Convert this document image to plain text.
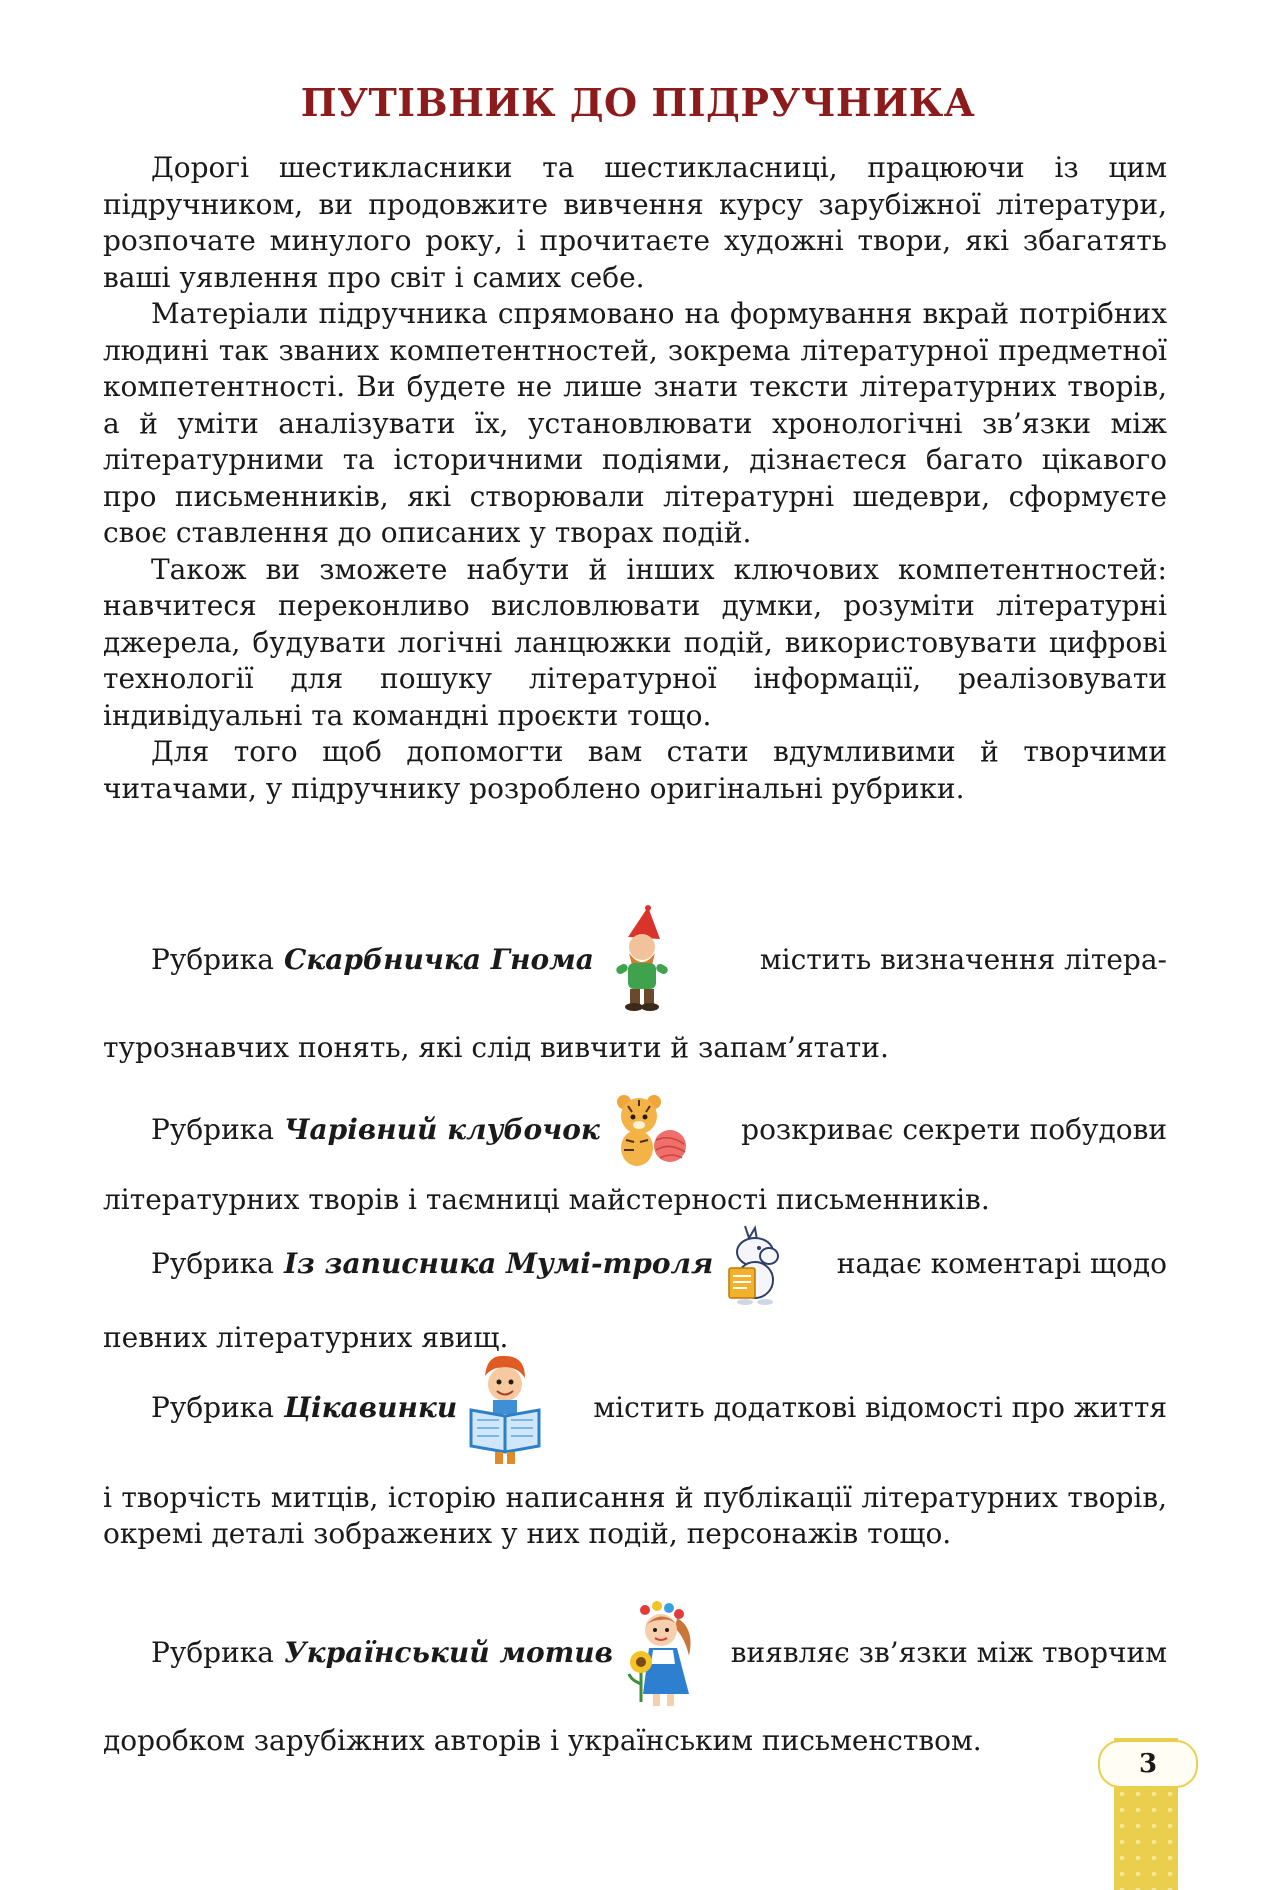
ПУТІВНИК ДО ПІДРУЧНИКА

Дорогі шестикласники та шестикласниці, працюючи із цим підручником, ви продовжите вивчення курсу зарубіжної літератури, розпочате минулого року, і прочитаєте художні твори, які збагатять ваші уявлення про світ і самих себе.

Матеріали підручника спрямовано на формування вкрай потрібних людині так званих компетентностей, зокрема літературної предметної компетентності. Ви будете не лише знати тексти літературних творів, а й уміти аналізувати їх, установлювати хронологічні зв’язки між літературними та історичними подіями, дізнаєтеся багато цікавого про письменників, які створювали літературні шедеври, сформуєте своє ставлення до описаних у творах подій.

Також ви зможете набути й інших ключових компетентностей: навчитеся переконливо висловлювати думки, розуміти літературні джерела, будувати логічні ланцюжки подій, використовувати цифрові технології для пошуку літературної інформації, реалізовувати індивідуальні та командні проєкти тощо.

Для того щоб допомогти вам стати вдумливими й творчими читачами, у підручнику розроблено оригінальні рубрики.

Рубрика Скарбничка Гнома	містить визначення літера-
турознавчих понять, які слід вивчити й запам’ятати.
Рубрика Чарівний клубочок	розкриває секрети побудови
літературних творів і таємниці майстерності письменників.
Рубрика Із записника Мумі-троля	надає коментарі щодо
певних літературних явищ.
Рубрика Цікавинки	містить додаткові відомості про життя
і творчість митців, історію написання й публікації літературних творів, окремі деталі зображених у них подій, персонажів тощо.
Рубрика Український мотив	виявляє зв’язки між творчим
доробком зарубіжних авторів і українським письменством.
3
